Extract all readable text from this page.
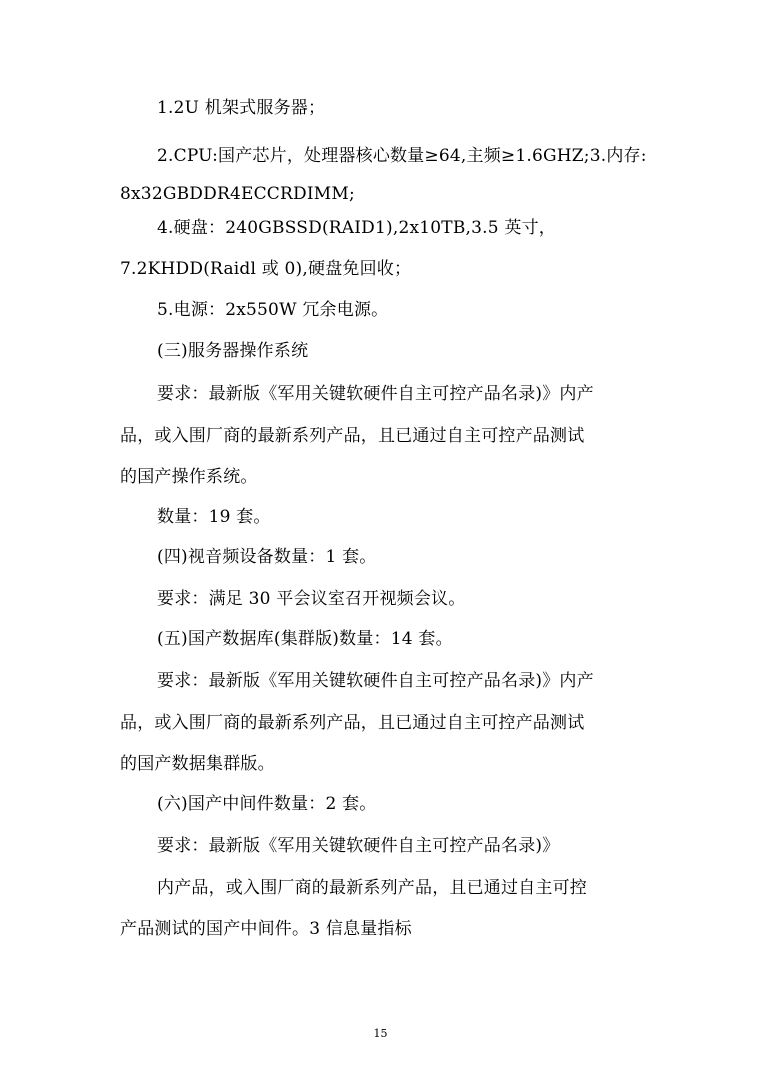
1.2U 机架式服务器；
2.CPU:国产芯片，处理器核心数量≥64,主频≥1.6GHZ;3.内存:
8x32GBDDR4ECCRDIMM;
4.硬盘：240GBSSD(RAID1),2x10TB,3.5 英寸，
7.2KHDD(Raidl 或 0),硬盘免回收；
5.电源：2x550W 冗余电源。
(三)服务器操作系统
要求：最新版《军用关键软硬件自主可控产品名录)》内产
品，或入围厂商的最新系列产品，且已通过自主可控产品测试
的国产操作系统。
数量：19 套。
(四)视音频设备数量：1 套。
要求：满足 30 平会议室召开视频会议。
(五)国产数据库(集群版)数量：14 套。
要求：最新版《军用关键软硬件自主可控产品名录)》内产
品，或入围厂商的最新系列产品，且已通过自主可控产品测试
的国产数据集群版。
(六)国产中间件数量：2 套。
要求：最新版《军用关键软硬件自主可控产品名录)》
内产品，或入围厂商的最新系列产品，且已通过自主可控
产品测试的国产中间件。3 信息量指标
15
